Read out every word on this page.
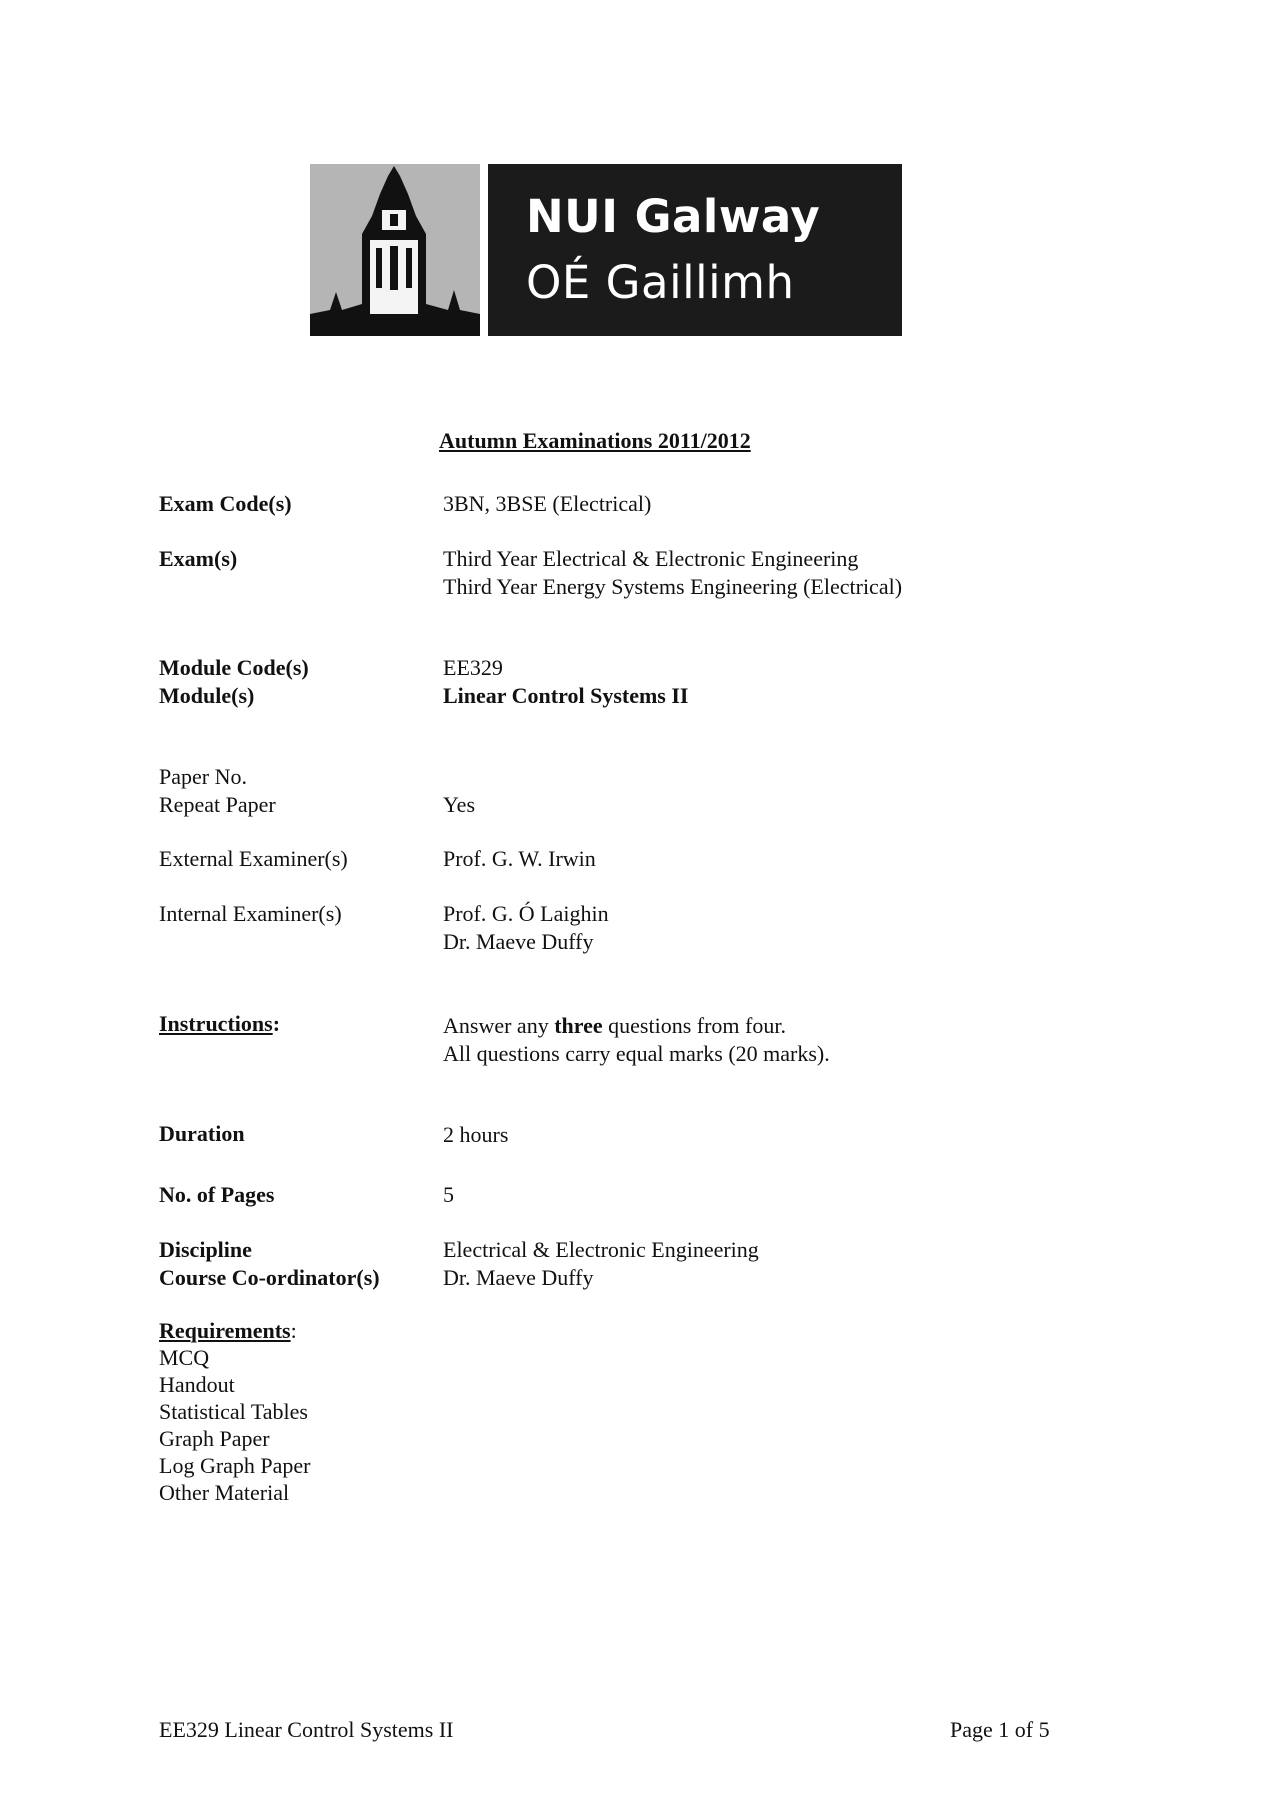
NUI Galway
OÉ Gaillimh
Autumn Examinations 2011/2012
Exam Code(s)	3BN, 3BSE (Electrical)
Exam(s)	Third Year Electrical & Electronic Engineering
Third Year Energy Systems Engineering (Electrical)
Module Code(s)	EE329
Module(s)	Linear Control Systems II
Paper No.
Repeat Paper	Yes
External Examiner(s)	Prof. G. W. Irwin
Internal Examiner(s)	Prof. G. Ó Laighin
Dr. Maeve Duffy
Instructions:	Answer any three questions from four.
All questions carry equal marks (20 marks).
Duration	2 hours
No. of Pages	5
Discipline	Electrical & Electronic Engineering
Course Co-ordinator(s)	Dr. Maeve Duffy
Requirements:
MCQ
Handout
Statistical Tables
Graph Paper
Log Graph Paper
Other Material
EE329 Linear Control Systems II	Page 1 of 5
